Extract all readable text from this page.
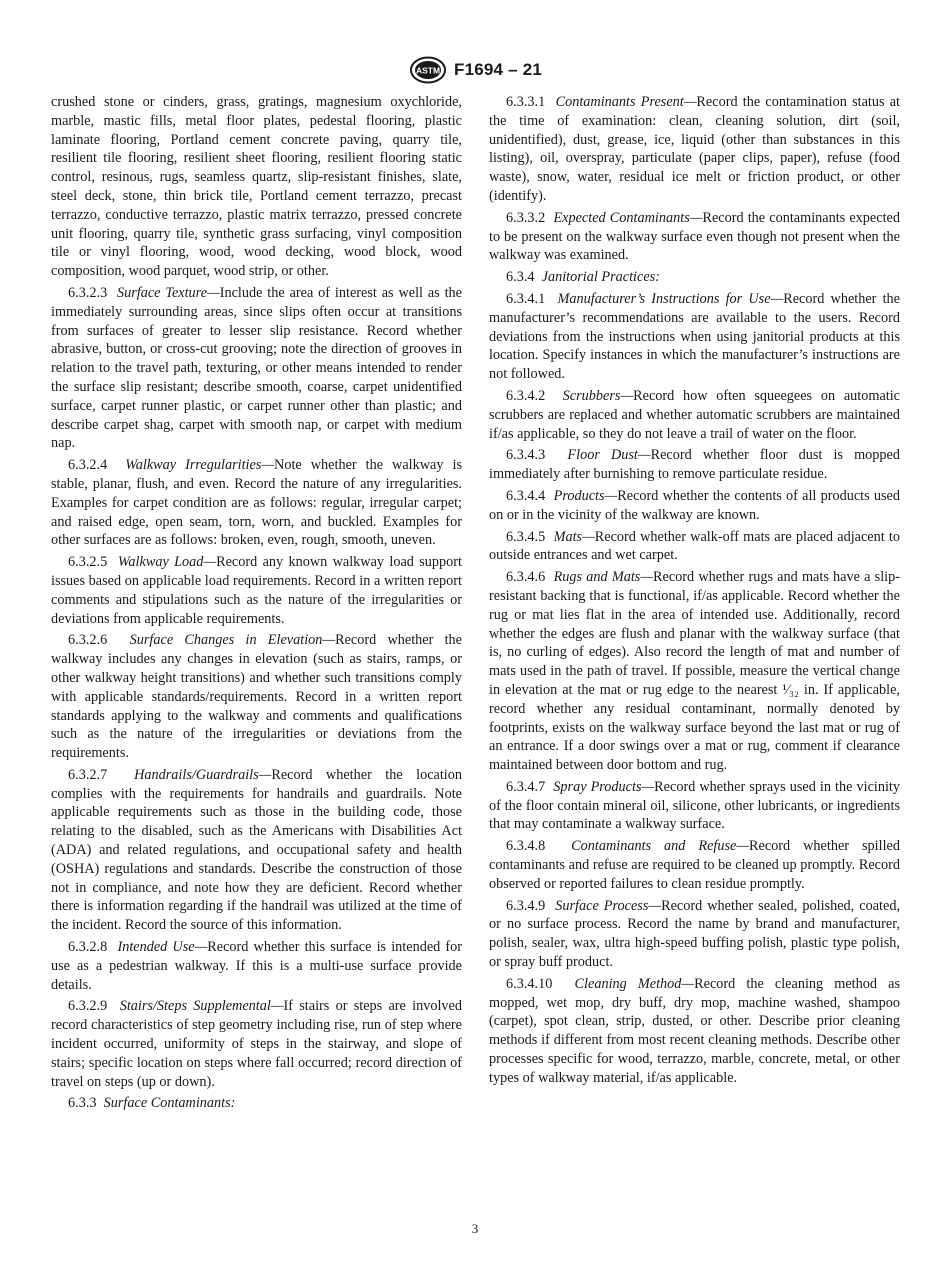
ASTM F1694 – 21

crushed stone or cinders, grass, gratings, magnesium oxychloride, marble, mastic fills, metal floor plates, pedestal flooring, plastic laminate flooring, Portland cement concrete paving, quarry tile, resilient tile flooring, resilient sheet flooring, resilient flooring static control, resinous, rugs, seamless quartz, slip-resistant finishes, slate, steel deck, stone, thin brick tile, Portland cement terrazzo, precast terrazzo, conductive terrazzo, plastic matrix terrazzo, pressed concrete unit flooring, quarry tile, synthetic grass surfacing, vinyl composition tile or vinyl flooring, wood, wood decking, wood block, wood composition, wood parquet, wood strip, or other.

6.3.2.3 Surface Texture—Include the area of interest as well as the immediately surrounding areas, since slips often occur at transitions from surfaces of greater to lesser slip resistance. Record whether abrasive, button, or cross-cut grooving; note the direction of grooves in relation to the travel path, texturing, or other means intended to render the surface slip resistant; describe smooth, coarse, carpet unidentified surface, carpet runner plastic, or carpet runner other than plastic; and describe carpet shag, carpet with smooth nap, or carpet with medium nap.

6.3.2.4 Walkway Irregularities—Note whether the walkway is stable, planar, flush, and even. Record the nature of any irregularities. Examples for carpet condition are as follows: regular, irregular carpet; and raised edge, open seam, torn, worn, and buckled. Examples for other surfaces are as follows: broken, even, rough, smooth, uneven.

6.3.2.5 Walkway Load—Record any known walkway load support issues based on applicable load requirements. Record in a written report comments and stipulations such as the nature of the irregularities or deviations from applicable requirements.

6.3.2.6 Surface Changes in Elevation—Record whether the walkway includes any changes in elevation (such as stairs, ramps, or other walkway height transitions) and whether such transitions comply with applicable standards/requirements. Record in a written report standards applying to the walkway and comments and qualifications such as the nature of the irregularities or deviations from the requirements.

6.3.2.7 Handrails/Guardrails—Record whether the location complies with the requirements for handrails and guardrails. Note applicable requirements such as those in the building code, those relating to the disabled, such as the Americans with Disabilities Act (ADA) and related regulations, and occupational safety and health (OSHA) regulations and standards. Describe the construction of those not in compliance, and note how they are deficient. Record whether there is information regarding if the handrail was utilized at the time of the incident. Record the source of this information.

6.3.2.8 Intended Use—Record whether this surface is intended for use as a pedestrian walkway. If this is a multi-use surface provide details.

6.3.2.9 Stairs/Steps Supplemental—If stairs or steps are involved record characteristics of step geometry including rise, run of step where incident occurred, uniformity of steps in the stairway, and slope of stairs; specific location on steps where fall occurred; record direction of travel on steps (up or down).

6.3.3 Surface Contaminants:

6.3.3.1 Contaminants Present—Record the contamination status at the time of examination: clean, cleaning solution, dirt (soil, unidentified), dust, grease, ice, liquid (other than substances in this listing), oil, overspray, particulate (paper clips, paper), refuse (food waste), snow, water, residual ice melt or friction product, or other (identify).

6.3.3.2 Expected Contaminants—Record the contaminants expected to be present on the walkway surface even though not present when the walkway was examined.

6.3.4 Janitorial Practices:

6.3.4.1 Manufacturer’s Instructions for Use—Record whether the manufacturer’s recommendations are available to the users. Record deviations from the instructions when using janitorial products at this location. Specify instances in which the manufacturer’s instructions are not followed.

6.3.4.2 Scrubbers—Record how often squeegees on automatic scrubbers are replaced and whether automatic scrubbers are maintained if/as applicable, so they do not leave a trail of water on the floor.

6.3.4.3 Floor Dust—Record whether floor dust is mopped immediately after burnishing to remove particulate residue.

6.3.4.4 Products—Record whether the contents of all products used on or in the vicinity of the walkway are known.

6.3.4.5 Mats—Record whether walk-off mats are placed adjacent to outside entrances and wet carpet.

6.3.4.6 Rugs and Mats—Record whether rugs and mats have a slip-resistant backing that is functional, if/as applicable. Record whether the rug or mat lies flat in the area of intended use. Additionally, record whether the edges are flush and planar with the walkway surface (that is, no curling of edges). Also record the length of mat and number of mats used in the path of travel. If possible, measure the vertical change in elevation at the mat or rug edge to the nearest ¹⁄₃₂ in. If applicable, record whether any residual contaminant, normally denoted by footprints, exists on the walkway surface beyond the last mat or rug of an entrance. If a door swings over a mat or rug, comment if clearance maintained between door bottom and rug.

6.3.4.7 Spray Products—Record whether sprays used in the vicinity of the floor contain mineral oil, silicone, other lubricants, or ingredients that may contaminate a walkway surface.

6.3.4.8 Contaminants and Refuse—Record whether spilled contaminants and refuse are required to be cleaned up promptly. Record observed or reported failures to clean residue promptly.

6.3.4.9 Surface Process—Record whether sealed, polished, coated, or no surface process. Record the name by brand and manufacturer, polish, sealer, wax, ultra high-speed buffing polish, plastic type polish, or spray buff product.

6.3.4.10 Cleaning Method—Record the cleaning method as mopped, wet mop, dry buff, dry mop, machine washed, shampoo (carpet), spot clean, strip, dusted, or other. Describe prior cleaning methods if different from most recent cleaning methods. Describe other processes specific for wood, terrazzo, marble, concrete, metal, or other types of walkway material, if/as applicable.

3
